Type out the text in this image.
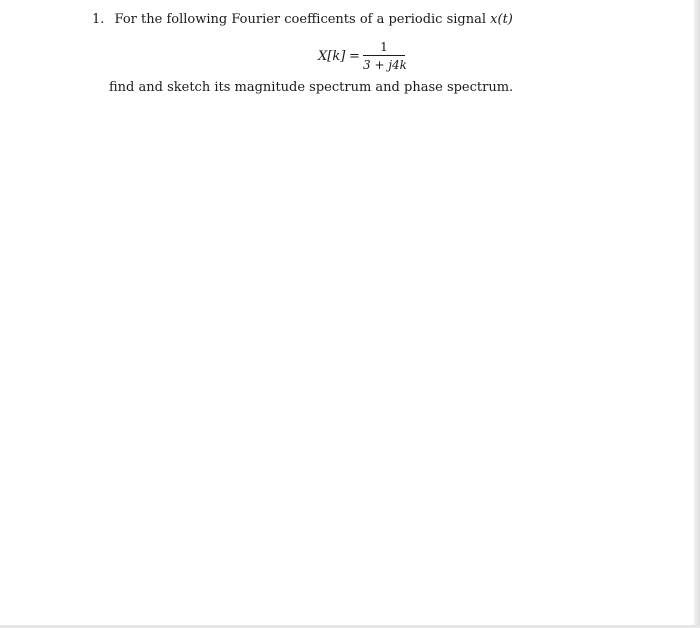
1. For the following Fourier coefficents of a periodic signal x(t)
X[k] =
1
3 + j4k
find and sketch its magnitude spectrum and phase spectrum.
